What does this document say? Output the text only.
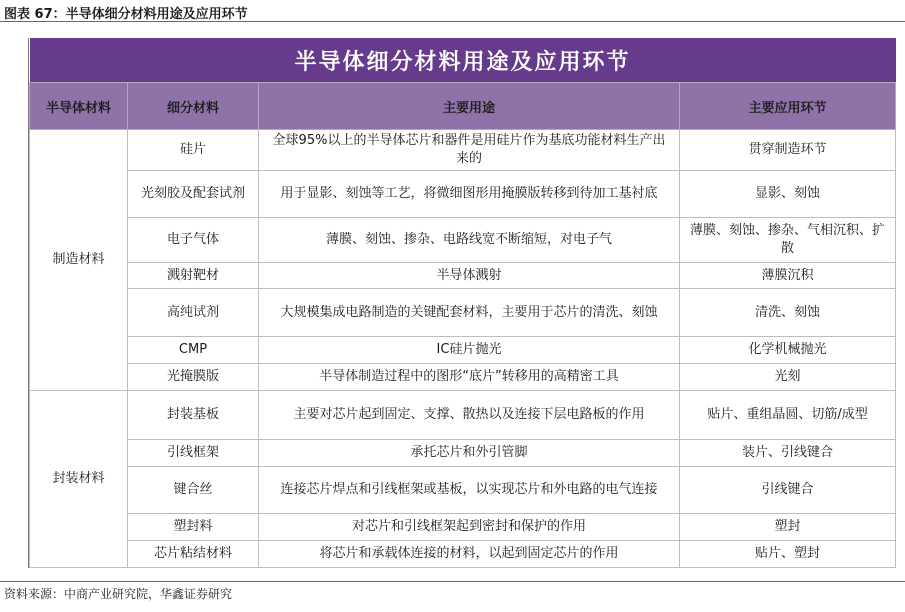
图表 67：半导体细分材料用途及应用环节
半导体细分材料用途及应用环节			
半导体材料	细分材料	主要用途	主要应用环节
制造材料	硅片	全球95%以上的半导体芯片和器件是用硅片作为基底功能材料生产出来的	贯穿制造环节
	光刻胶及配套试剂	用于显影、刻蚀等工艺，将微细图形用掩膜版转移到待加工基衬底	显影、刻蚀
	电子气体	薄膜、刻蚀、掺杂、电路线宽不断缩短，对电子气	薄膜、刻蚀、掺杂、气相沉积、扩散
	溅射靶材	半导体溅射	薄膜沉积
	高纯试剂	大规模集成电路制造的关键配套材料，主要用于芯片的清洗、刻蚀	清洗、刻蚀
	CMP	IC硅片抛光	化学机械抛光
	光掩膜版	半导体制造过程中的图形“底片”转移用的高精密工具	光刻
封装材料	封装基板	主要对芯片起到固定、支撑、散热以及连接下层电路板的作用	贴片、重组晶圆、切筋/成型
	引线框架	承托芯片和外引管脚	装片、引线键合
	键合丝	连接芯片焊点和引线框架或基板，以实现芯片和外电路的电气连接	引线键合
	塑封料	对芯片和引线框架起到密封和保护的作用	塑封
	芯片粘结材料	将芯片和承载体连接的材料，以起到固定芯片的作用	贴片、塑封
资料来源：中商产业研究院，华鑫证券研究
